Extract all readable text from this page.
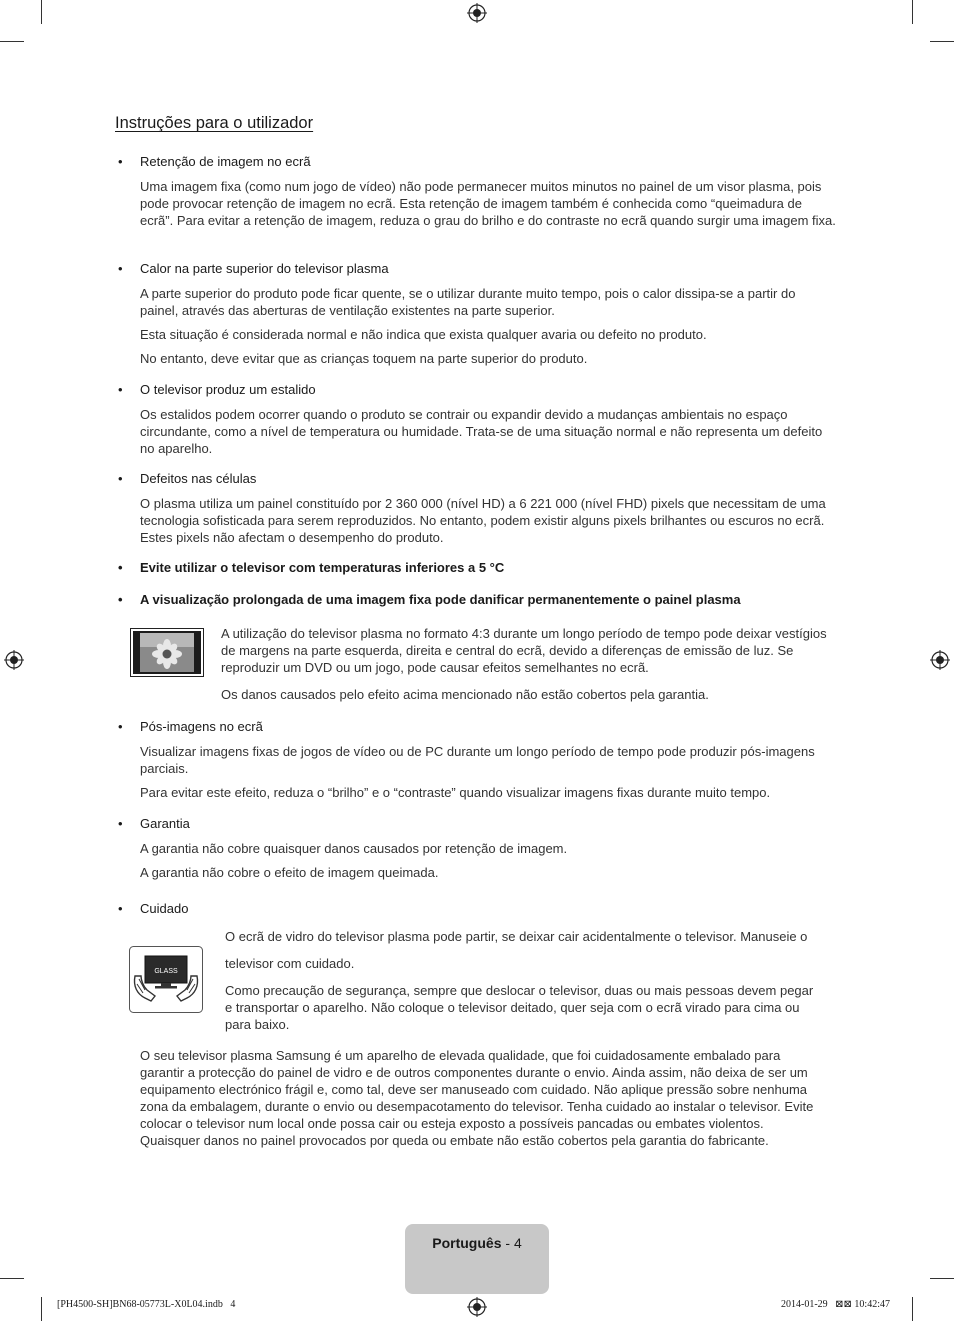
Instruções para o utilizador
• Retenção de imagem no ecrã

Uma imagem fixa (como num jogo de vídeo) não pode permanecer muitos minutos no painel de um visor plasma, pois pode provocar retenção de imagem no ecrã. Esta retenção de imagem também é conhecida como “queimadura de ecrã”. Para evitar a retenção de imagem, reduza o grau do brilho e do contraste no ecrã quando surgir uma imagem fixa.

• Calor na parte superior do televisor plasma

A parte superior do produto pode ficar quente, se o utilizar durante muito tempo, pois o calor dissipa-se a partir do painel, através das aberturas de ventilação existentes na parte superior.

Esta situação é considerada normal e não indica que exista qualquer avaria ou defeito no produto.

No entanto, deve evitar que as crianças toquem na parte superior do produto.

• O televisor produz um estalido

Os estalidos podem ocorrer quando o produto se contrair ou expandir devido a mudanças ambientais no espaço circundante, como a nível de temperatura ou humidade. Trata-se de uma situação normal e não representa um defeito no aparelho.

• Defeitos nas células

O plasma utiliza um painel constituído por 2 360 000 (nível HD) a 6 221 000 (nível FHD) pixels que necessitam de uma tecnologia sofisticada para serem reproduzidos. No entanto, podem existir alguns pixels brilhantes ou escuros no ecrã. Estes pixels não afectam o desempenho do produto.

• Evite utilizar o televisor com temperaturas inferiores a 5 °C
• A visualização prolongada de uma imagem fixa pode danificar permanentemente o painel plasma

A utilização do televisor plasma no formato 4:3 durante um longo período de tempo pode deixar vestígios de margens na parte esquerda, direita e central do ecrã, devido a diferenças de emissão de luz. Se reproduzir um DVD ou um jogo, pode causar efeitos semelhantes no ecrã.

Os danos causados pelo efeito acima mencionado não estão cobertos pela garantia.

• Pós-imagens no ecrã

Visualizar imagens fixas de jogos de vídeo ou de PC durante um longo período de tempo pode produzir pós-imagens parciais.

Para evitar este efeito, reduza o “brilho” e o “contraste” quando visualizar imagens fixas durante muito tempo.

• Garantia

A garantia não cobre quaisquer danos causados por retenção de imagem.

A garantia não cobre o efeito de imagem queimada.

• Cuidado
GLASS

O ecrã de vidro do televisor plasma pode partir, se deixar cair acidentalmente o televisor. Manuseie o

televisor com cuidado.

Como precaução de segurança, sempre que deslocar o televisor, duas ou mais pessoas devem pegar e transportar o aparelho. Não coloque o televisor deitado, quer seja com o ecrã virado para cima ou para baixo.

O seu televisor plasma Samsung é um aparelho de elevada qualidade, que foi cuidadosamente embalado para garantir a protecção do painel de vidro e de outros componentes durante o envio. Ainda assim, não deixa de ser um equipamento electrónico frágil e, como tal, deve ser manuseado com cuidado. Não aplique pressão sobre nenhuma zona da embalagem, durante o envio ou desempacotamento do televisor. Tenha cuidado ao instalar o televisor. Evite colocar o televisor num local onde possa cair ou esteja exposto a possíveis pancadas ou embates violentos. Quaisquer danos no painel provocados por queda ou embate não estão cobertos pela garantia do fabricante.

Português - 4
[PH4500-SH]BN68-05773L-X0L04.indb   4	2014-01-29   ⊠⊠ 10:42:47
